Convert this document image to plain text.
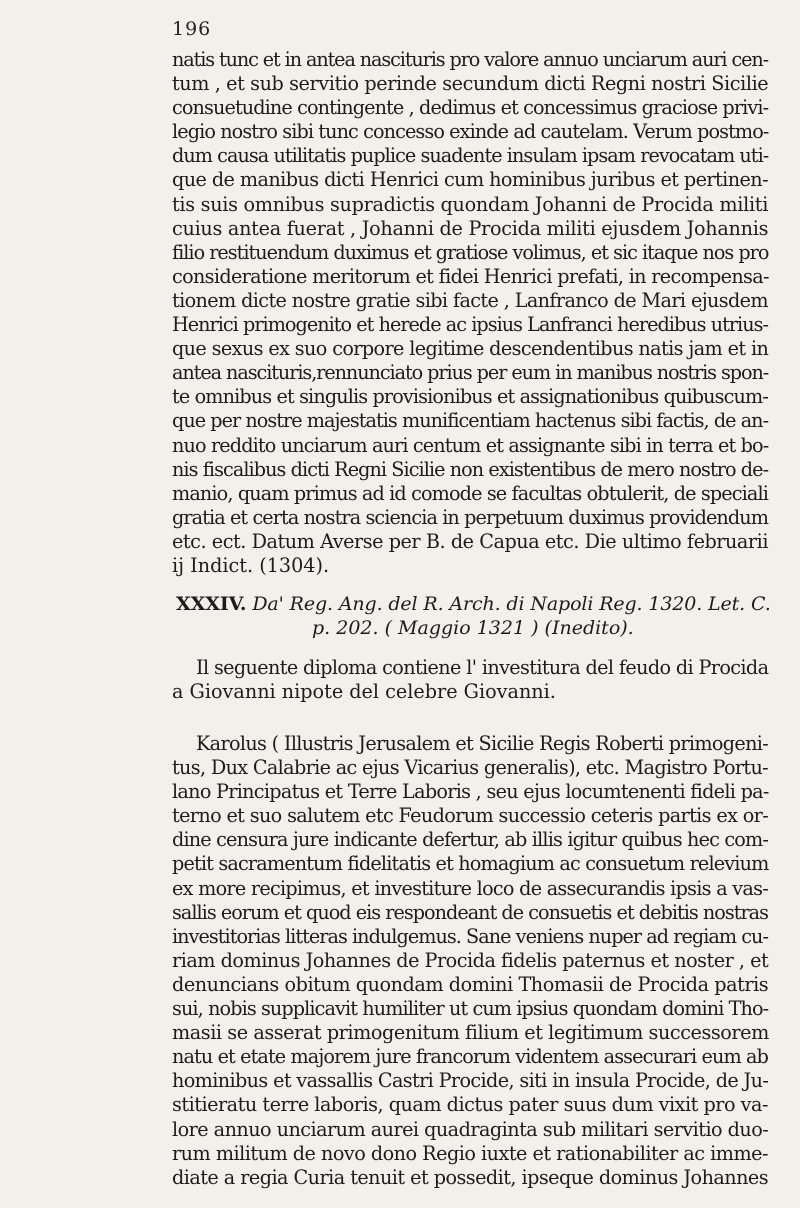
196
natis tunc et in antea nascituris pro valore annuo unciarum auri cen-
tum , et sub servitio perinde secundum dicti Regni nostri Sicilie
consuetudine contingente , dedimus et concessimus graciose privi-
legio nostro sibi tunc concesso exinde ad cautelam. Verum postmo-
dum causa utilitatis puplice suadente insulam ipsam revocatam uti-
que de manibus dicti Henrici cum hominibus juribus et pertinen-
tis suis omnibus supradictis quondam Johanni de Procida militi
cuius antea fuerat , Johanni de Procida militi ejusdem Johannis
filio restituendum duximus et gratiose volimus, et sic itaque nos pro
consideratione meritorum et fidei Henrici prefati, in recompensa-
tionem dicte nostre gratie sibi facte , Lanfranco de Mari ejusdem
Henrici primogenito et herede ac ipsius Lanfranci heredibus utrius-
que sexus ex suo corpore legitime descendentibus natis jam et in
antea nascituris,rennunciato prius per eum in manibus nostris spon-
te omnibus et singulis provisionibus et assignationibus quibuscum-
que per nostre majestatis munificentiam hactenus sibi factis, de an-
nuo reddito unciarum auri centum et assignante sibi in terra et bo-
nis fiscalibus dicti Regni Sicilie non existentibus de mero nostro de-
manio, quam primus ad id comode se facultas obtulerit, de speciali
gratia et certa nostra sciencia in perpetuum duximus providendum
etc. ect. Datum Averse per B. de Capua etc. Die ultimo februarii
ij Indict. (1304).
XXXIV. Da' Reg. Ang. del R. Arch. di Napoli Reg. 1320. Let. C.
p. 202. ( Maggio 1321 ) (Inedito).
Il seguente diploma contiene l' investitura del feudo di Procida
a Giovanni nipote del celebre Giovanni.
Karolus ( Illustris Jerusalem et Sicilie Regis Roberti primogeni-
tus, Dux Calabrie ac ejus Vicarius generalis), etc. Magistro Portu-
lano Principatus et Terre Laboris , seu ejus locumtenenti fideli pa-
terno et suo salutem etc Feudorum successio ceteris partis ex or-
dine censura jure indicante defertur, ab illis igitur quibus hec com-
petit sacramentum fidelitatis et homagium ac consuetum relevium
ex more recipimus, et investiture loco de assecurandis ipsis a vas-
sallis eorum et quod eis respondeant de consuetis et debitis nostras
investitorias litteras indulgemus. Sane veniens nuper ad regiam cu-
riam dominus Johannes de Procida fidelis paternus et noster , et
denuncians obitum quondam domini Thomasii de Procida patris
sui, nobis supplicavit humiliter ut cum ipsius quondam domini Tho-
masii se asserat primogenitum filium et legitimum successorem
natu et etate majorem jure francorum videntem assecurari eum ab
hominibus et vassallis Castri Procide, siti in insula Procide, de Ju-
stitieratu terre laboris, quam dictus pater suus dum vixit pro va-
lore annuo unciarum aurei quadraginta sub militari servitio duo-
rum militum de novo dono Regio iuxte et rationabiliter ac imme-
diate a regia Curia tenuit et possedit, ipseque dominus Johannes
